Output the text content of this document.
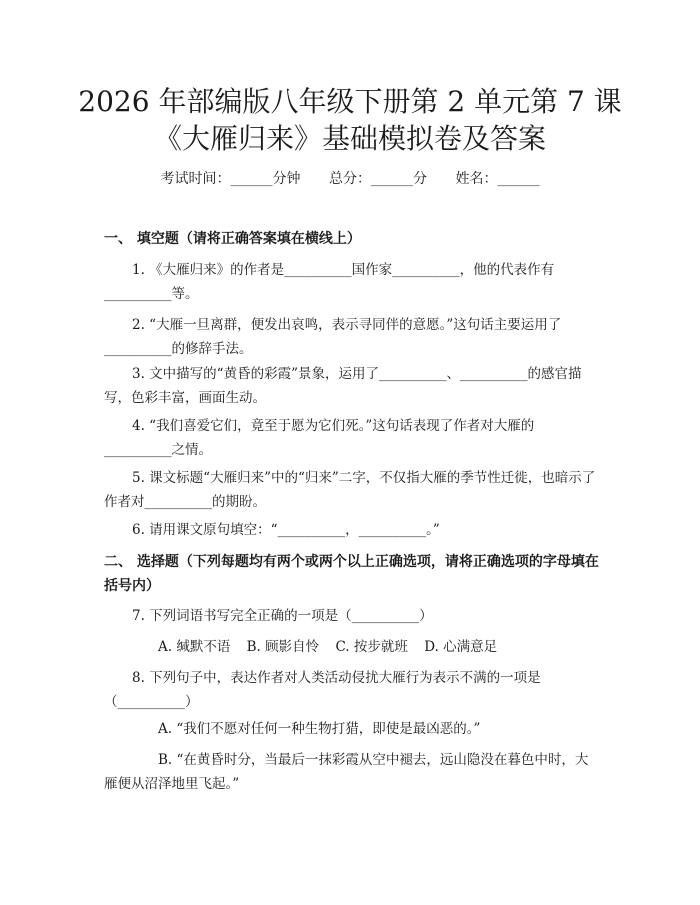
2026 年部编版八年级下册第 2 单元第 7 课
《大雁归来》基础模拟卷及答案
考试时间：______分钟 总分：______分 姓名：______
一、 填空题（请将正确答案填在横线上）
1. 《大雁归来》的作者是__________国作家__________，他的代表作有__________等。
2. “大雁一旦离群，便发出哀鸣，表示寻同伴的意愿。”这句话主要运用了__________的修辞手法。
3. 文中描写的“黄昏的彩霞”景象，运用了__________、__________的感官描写，色彩丰富，画面生动。
4. “我们喜爱它们，竟至于愿为它们死。”这句话表现了作者对大雁的__________之情。
5. 课文标题“大雁归来”中的“归来”二字，不仅指大雁的季节性迁徙，也暗示了作者对__________的期盼。
6. 请用课文原句填空：“__________，__________。”
二、 选择题（下列每题均有两个或两个以上正确选项，请将正确选项的字母填在
括号内）
7. 下列词语书写完全正确的一项是（__________）
A. 缄默不语 B. 顾影自怜 C. 按步就班 D. 心满意足
8. 下列句子中，表达作者对人类活动侵扰大雁行为表示不满的一项是（__________）
A. “我们不愿对任何一种生物打猎，即使是最凶恶的。”
B. “在黄昏时分，当最后一抹彩霞从空中褪去，远山隐没在暮色中时，大雁便从沼泽地里飞起。”
